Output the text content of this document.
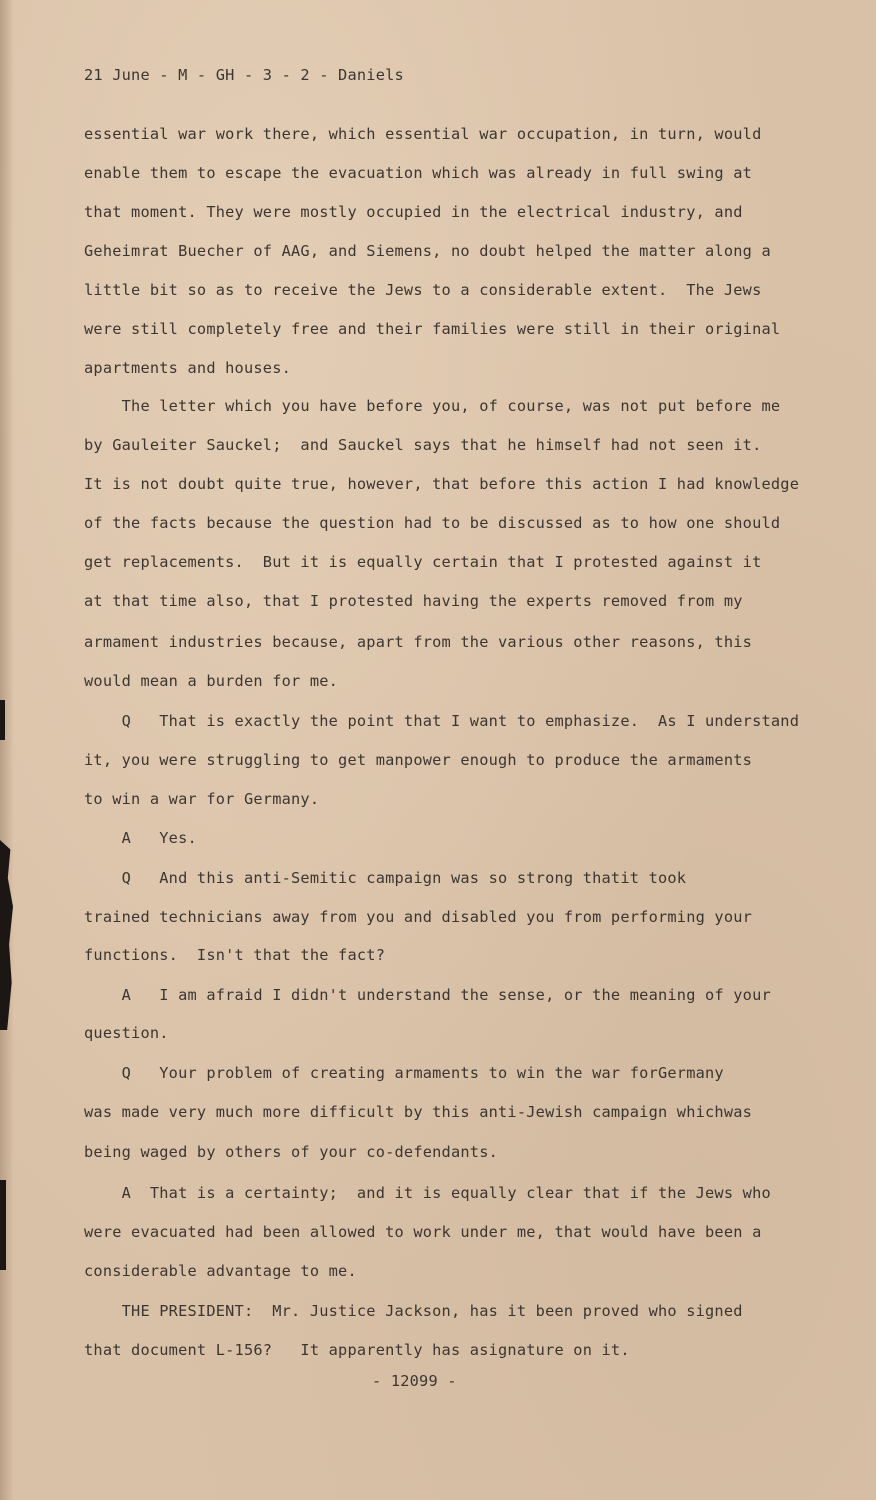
21 June - M - GH - 3 - 2 - Daniels
essential war work there, which essential war occupation, in turn, would
enable them to escape the evacuation which was already in full swing at
that moment. They were mostly occupied in the electrical industry, and
Geheimrat Buecher of AAG, and Siemens, no doubt helped the matter along a
little bit so as to receive the Jews to a considerable extent.  The Jews
were still completely free and their families were still in their original
apartments and houses.
The letter which you have before you, of course, was not put before me
by Gauleiter Sauckel;  and Sauckel says that he himself had not seen it.
It is not doubt quite true, however, that before this action I had knowledge
of the facts because the question had to be discussed as to how one should
get replacements.  But it is equally certain that I protested against it
at that time also, that I protested having the experts removed from my
armament industries because, apart from the various other reasons, this
would mean a burden for me.
Q   That is exactly the point that I want to emphasize.  As I understand
it, you were struggling to get manpower enough to produce the armaments
to win a war for Germany.
A   Yes.
Q   And this anti-Semitic campaign was so strong thatit took
trained technicians away from you and disabled you from performing your
functions.  Isn't that the fact?
A   I am afraid I didn't understand the sense, or the meaning of your
question.
Q   Your problem of creating armaments to win the war forGermany
was made very much more difficult by this anti-Jewish campaign whichwas
being waged by others of your co-defendants.
A  That is a certainty;  and it is equally clear that if the Jews who
were evacuated had been allowed to work under me, that would have been a
considerable advantage to me.
THE PRESIDENT:  Mr. Justice Jackson, has it been proved who signed
that document L-156?   It apparently has asignature on it.
- 12099 -
